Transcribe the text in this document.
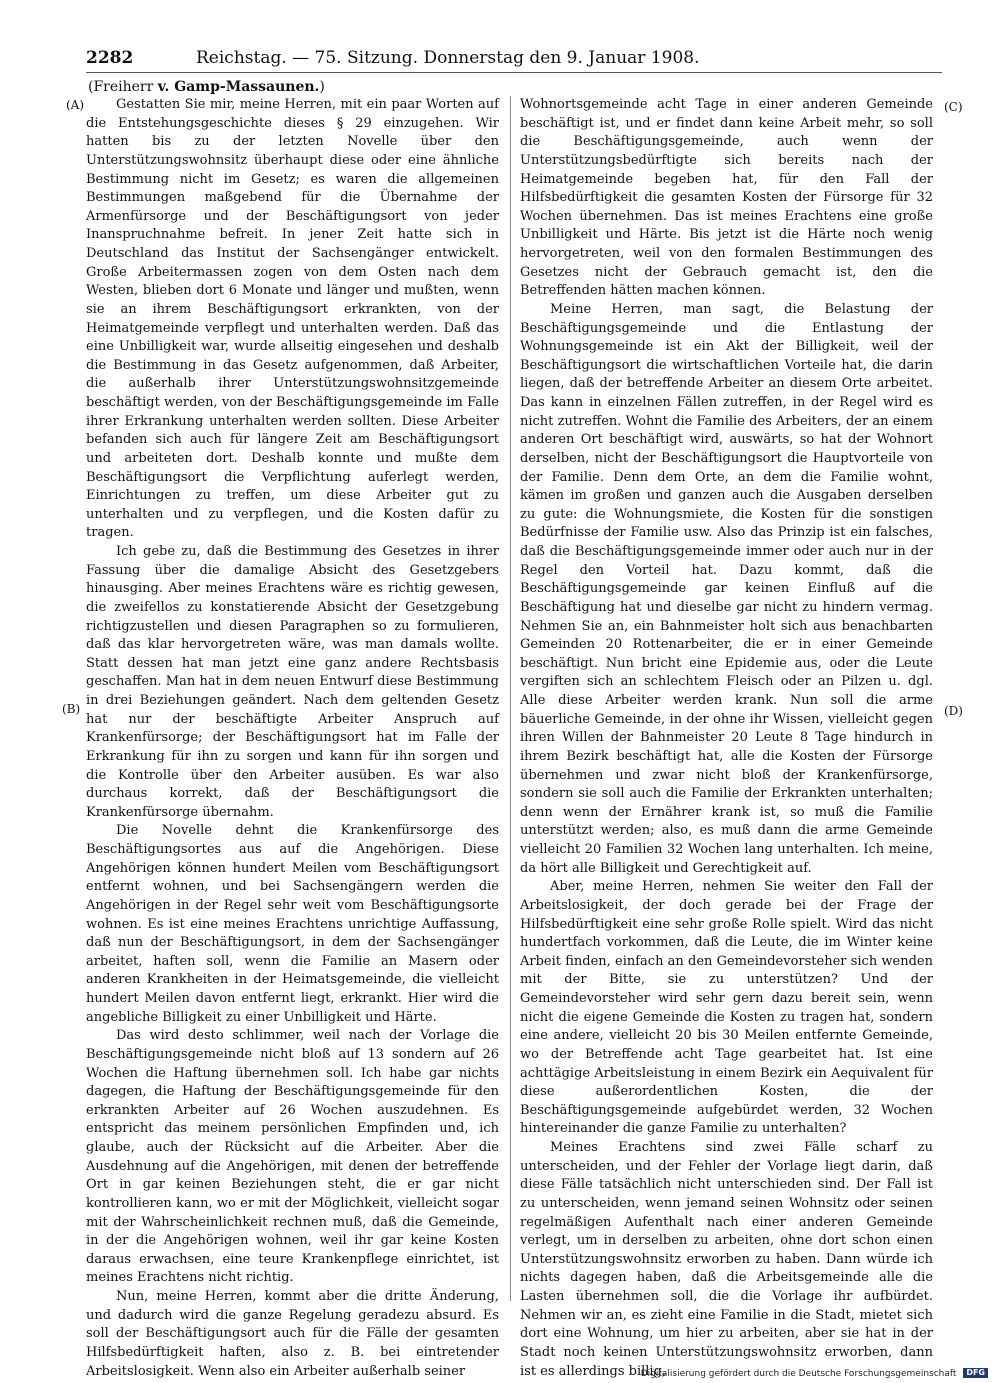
2282	Reichstag. — 75. Sitzung. Donnerstag den 9. Januar 1908.
(Freiherr v. Gamp-Massaunen.)
(A)
(B)
(C)
(D)

Gestatten Sie mir, meine Herren, mit ein paar Worten auf die Entstehungsgeschichte dieses § 29 einzugehen. Wir hatten bis zu der letzten Novelle über den Unterstützungswohnsitz überhaupt diese oder eine ähnliche Bestimmung nicht im Gesetz; es waren die allgemeinen Bestimmungen maßgebend für die Übernahme der Armenfürsorge und der Beschäftigungsort von jeder Inanspruchnahme befreit. In jener Zeit hatte sich in Deutschland das Institut der Sachsengänger entwickelt. Große Arbeitermassen zogen von dem Osten nach dem Westen, blieben dort 6 Monate und länger und mußten, wenn sie an ihrem Beschäftigungsort erkrankten, von der Heimatgemeinde verpflegt und unterhalten werden. Daß das eine Unbilligkeit war, wurde allseitig eingesehen und deshalb die Bestimmung in das Gesetz aufgenommen, daß Arbeiter, die außerhalb ihrer Unterstützungswohnsitzgemeinde beschäftigt werden, von der Beschäftigungsgemeinde im Falle ihrer Erkrankung unterhalten werden sollten. Diese Arbeiter befanden sich auch für längere Zeit am Beschäftigungsort und arbeiteten dort. Deshalb konnte und mußte dem Beschäftigungsort die Verpflichtung auferlegt werden, Einrichtungen zu treffen, um diese Arbeiter gut zu unterhalten und zu verpflegen, und die Kosten dafür zu tragen.

Ich gebe zu, daß die Bestimmung des Gesetzes in ihrer Fassung über die damalige Absicht des Gesetzgebers hinausging. Aber meines Erachtens wäre es richtig gewesen, die zweifellos zu konstatierende Absicht der Gesetzgebung richtigzustellen und diesen Paragraphen so zu formulieren, daß das klar hervorgetreten wäre, was man damals wollte. Statt dessen hat man jetzt eine ganz andere Rechtsbasis geschaffen. Man hat in dem neuen Entwurf diese Bestimmung in drei Beziehungen geändert. Nach dem geltenden Gesetz hat nur der beschäftigte Arbeiter Anspruch auf Krankenfürsorge; der Beschäftigungsort hat im Falle der Erkrankung für ihn zu sorgen und kann für ihn sorgen und die Kontrolle über den Arbeiter ausüben. Es war also durchaus korrekt, daß der Beschäftigungsort die Krankenfürsorge übernahm.

Die Novelle dehnt die Krankenfürsorge des Beschäftigungsortes aus auf die Angehörigen. Diese Angehörigen können hundert Meilen vom Beschäftigungsort entfernt wohnen, und bei Sachsengängern werden die Angehörigen in der Regel sehr weit vom Beschäftigungsorte wohnen. Es ist eine meines Erachtens unrichtige Auffassung, daß nun der Beschäftigungsort, in dem der Sachsengänger arbeitet, haften soll, wenn die Familie an Masern oder anderen Krankheiten in der Heimatsgemeinde, die vielleicht hundert Meilen davon entfernt liegt, erkrankt. Hier wird die angebliche Billigkeit zu einer Unbilligkeit und Härte.

Das wird desto schlimmer, weil nach der Vorlage die Beschäftigungsgemeinde nicht bloß auf 13 sondern auf 26 Wochen die Haftung übernehmen soll. Ich habe gar nichts dagegen, die Haftung der Beschäftigungsgemeinde für den erkrankten Arbeiter auf 26 Wochen auszudehnen. Es entspricht das meinem persönlichen Empfinden und, ich glaube, auch der Rücksicht auf die Arbeiter. Aber die Ausdehnung auf die Angehörigen, mit denen der betreffende Ort in gar keinen Beziehungen steht, die er gar nicht kontrollieren kann, wo er mit der Möglichkeit, vielleicht sogar mit der Wahrscheinlichkeit rechnen muß, daß die Gemeinde, in der die Angehörigen wohnen, weil ihr gar keine Kosten daraus erwachsen, eine teure Krankenpflege einrichtet, ist meines Erachtens nicht richtig.

Nun, meine Herren, kommt aber die dritte Änderung, und dadurch wird die ganze Regelung geradezu absurd. Es soll der Beschäftigungsort auch für die Fälle der gesamten Hilfsbedürftigkeit haften, also z. B. bei eintretender Arbeitslosigkeit. Wenn also ein Arbeiter außerhalb seiner

Wohnortsgemeinde acht Tage in einer anderen Gemeinde beschäftigt ist, und er findet dann keine Arbeit mehr, so soll die Beschäftigungsgemeinde, auch wenn der Unterstützungsbedürftigte sich bereits nach der Heimatgemeinde begeben hat, für den Fall der Hilfsbedürftigkeit die gesamten Kosten der Fürsorge für 32 Wochen übernehmen. Das ist meines Erachtens eine große Unbilligkeit und Härte. Bis jetzt ist die Härte noch wenig hervorgetreten, weil von den formalen Bestimmungen des Gesetzes nicht der Gebrauch gemacht ist, den die Betreffenden hätten machen können.

Meine Herren, man sagt, die Belastung der Beschäftigungsgemeinde und die Entlastung der Wohnungsgemeinde ist ein Akt der Billigkeit, weil der Beschäftigungsort die wirtschaftlichen Vorteile hat, die darin liegen, daß der betreffende Arbeiter an diesem Orte arbeitet. Das kann in einzelnen Fällen zutreffen, in der Regel wird es nicht zutreffen. Wohnt die Familie des Arbeiters, der an einem anderen Ort beschäftigt wird, auswärts, so hat der Wohnort derselben, nicht der Beschäftigungsort die Hauptvorteile von der Familie. Denn dem Orte, an dem die Familie wohnt, kämen im großen und ganzen auch die Ausgaben derselben zu gute: die Wohnungsmiete, die Kosten für die sonstigen Bedürfnisse der Familie usw. Also das Prinzip ist ein falsches, daß die Beschäftigungsgemeinde immer oder auch nur in der Regel den Vorteil hat. Dazu kommt, daß die Beschäftigungsgemeinde gar keinen Einfluß auf die Beschäftigung hat und dieselbe gar nicht zu hindern vermag. Nehmen Sie an, ein Bahnmeister holt sich aus benachbarten Gemeinden 20 Rottenarbeiter, die er in einer Gemeinde beschäftigt. Nun bricht eine Epidemie aus, oder die Leute vergiften sich an schlechtem Fleisch oder an Pilzen u. dgl. Alle diese Arbeiter werden krank. Nun soll die arme bäuerliche Gemeinde, in der ohne ihr Wissen, vielleicht gegen ihren Willen der Bahnmeister 20 Leute 8 Tage hindurch in ihrem Bezirk beschäftigt hat, alle die Kosten der Fürsorge übernehmen und zwar nicht bloß der Krankenfürsorge, sondern sie soll auch die Familie der Erkrankten unterhalten; denn wenn der Ernährer krank ist, so muß die Familie unterstützt werden; also, es muß dann die arme Gemeinde vielleicht 20 Familien 32 Wochen lang unterhalten. Ich meine, da hört alle Billigkeit und Gerechtigkeit auf.

Aber, meine Herren, nehmen Sie weiter den Fall der Arbeitslosigkeit, der doch gerade bei der Frage der Hilfsbedürftigkeit eine sehr große Rolle spielt. Wird das nicht hundertfach vorkommen, daß die Leute, die im Winter keine Arbeit finden, einfach an den Gemeindevorsteher sich wenden mit der Bitte, sie zu unterstützen? Und der Gemeindevorsteher wird sehr gern dazu bereit sein, wenn nicht die eigene Gemeinde die Kosten zu tragen hat, sondern eine andere, vielleicht 20 bis 30 Meilen entfernte Gemeinde, wo der Betreffende acht Tage gearbeitet hat. Ist eine achttägige Arbeitsleistung in einem Bezirk ein Aequivalent für diese außerordentlichen Kosten, die der Beschäftigungsgemeinde aufgebürdet werden, 32 Wochen hintereinander die ganze Familie zu unterhalten?

Meines Erachtens sind zwei Fälle scharf zu unterscheiden, und der Fehler der Vorlage liegt darin, daß diese Fälle tatsächlich nicht unterschieden sind. Der Fall ist zu unterscheiden, wenn jemand seinen Wohnsitz oder seinen regelmäßigen Aufenthalt nach einer anderen Gemeinde verlegt, um in derselben zu arbeiten, ohne dort schon einen Unterstützungswohnsitz erworben zu haben. Dann würde ich nichts dagegen haben, daß die Arbeitsgemeinde alle die Lasten übernehmen soll, die die Vorlage ihr aufbürdet. Nehmen wir an, es zieht eine Familie in die Stadt, mietet sich dort eine Wohnung, um hier zu arbeiten, aber sie hat in der Stadt noch keinen Unterstützungswohnsitz erworben, dann ist es allerdings billig,

Digitalisierung gefördert durch die Deutsche Forschungsgemeinschaft DFG
